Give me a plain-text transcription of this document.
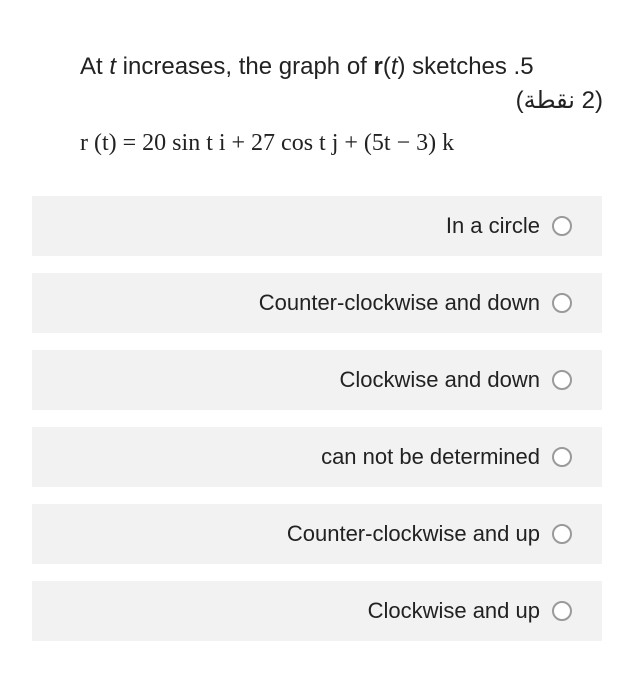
At t increases, the graph of r(t) sketches .5
(2 نقطة)
r (t) = 20 sin t i + 27 cos t j + (5t − 3) k
In a circle
Counter-clockwise and down
Clockwise and down
can not be determined
Counter-clockwise and up
Clockwise and up
